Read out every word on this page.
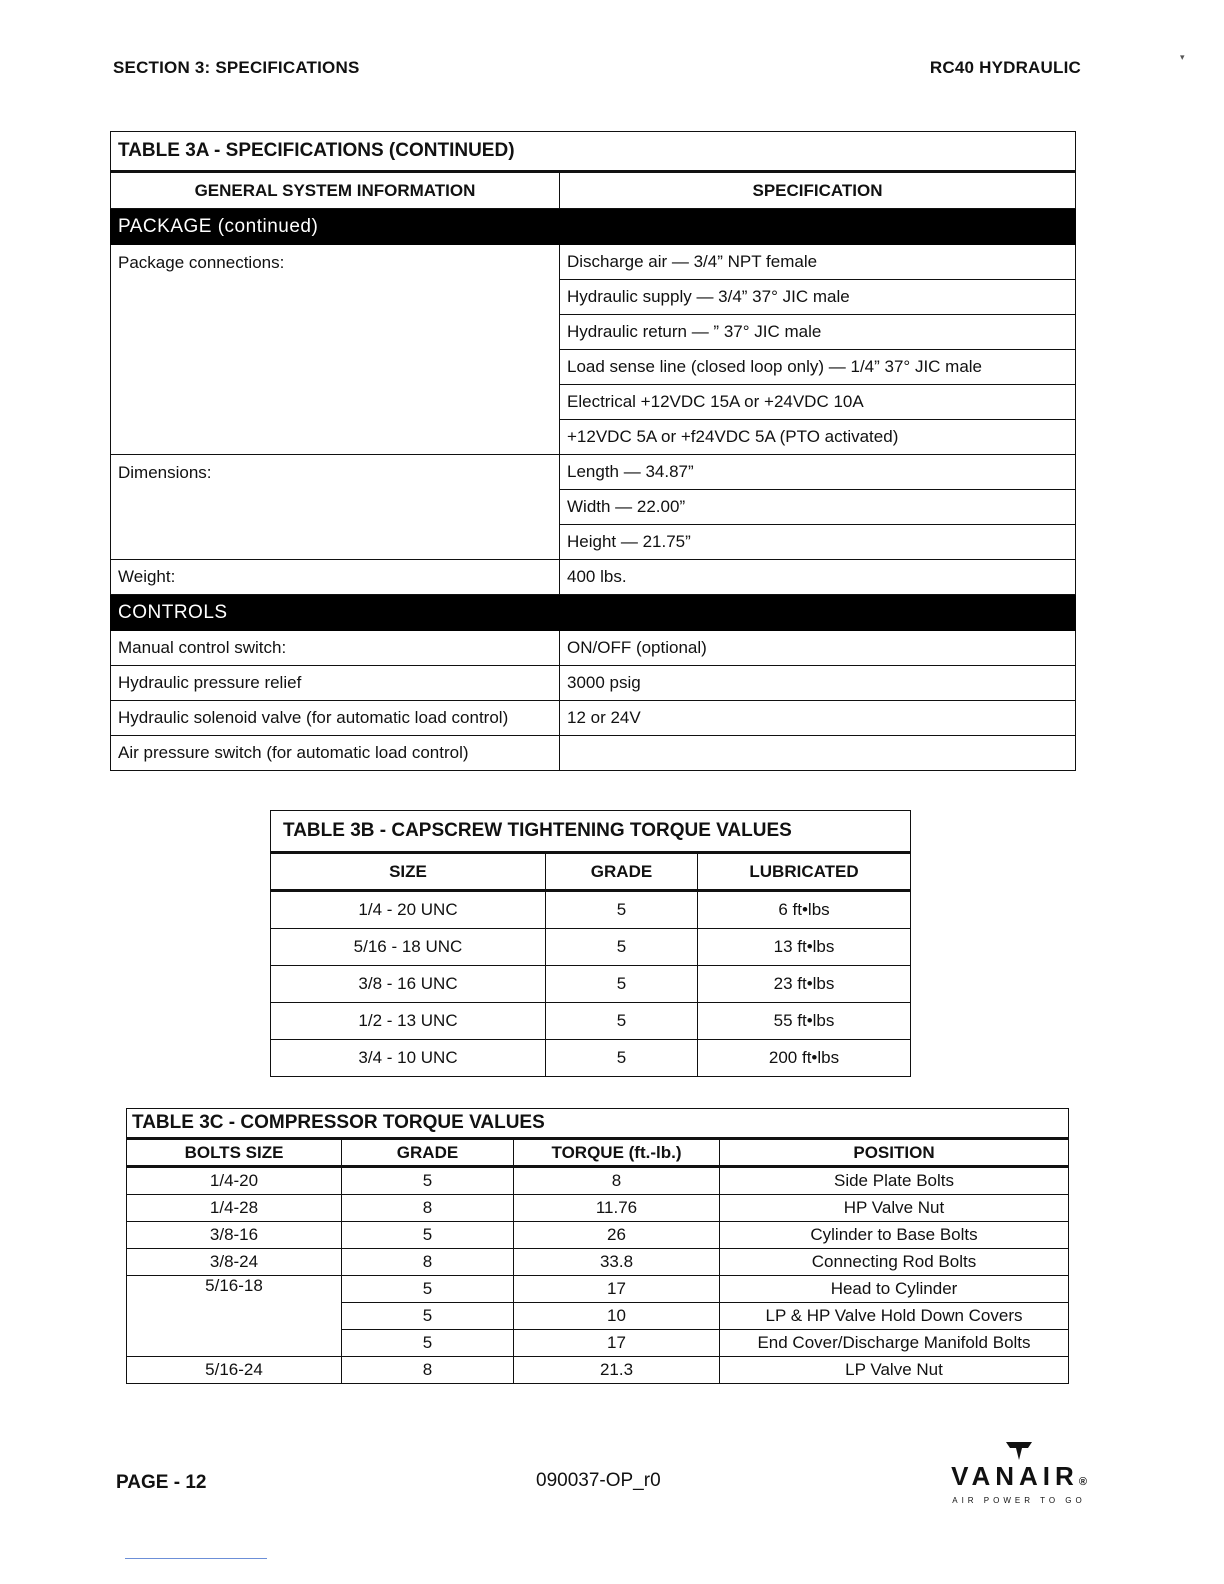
SECTION 3: SPECIFICATIONS	RC40 HYDRAULIC
▾
TABLE 3A - SPECIFICATIONS (CONTINUED)	
GENERAL SYSTEM INFORMATION	SPECIFICATION
PACKAGE (continued)	
Package connections:	Discharge air — 3/4” NPT female
	Hydraulic supply — 3/4” 37° JIC male
	Hydraulic return — ” 37° JIC male
	Load sense line (closed loop only) — 1/4” 37° JIC male
	Electrical +12VDC 15A or +24VDC 10A
	+12VDC 5A or +f24VDC 5A (PTO activated)
Dimensions:	Length — 34.87”
	Width — 22.00”
	Height — 21.75”
Weight:	400 lbs.
CONTROLS	
Manual control switch:	ON/OFF (optional)
Hydraulic pressure relief	3000 psig
Hydraulic solenoid valve (for automatic load control)	12 or 24V
Air pressure switch (for automatic load control)	
TABLE 3B - CAPSCREW TIGHTENING TORQUE VALUES		
SIZE	GRADE	LUBRICATED
1/4 - 20 UNC	5	6 ft•lbs
5/16 - 18 UNC	5	13 ft•lbs
3/8 - 16 UNC	5	23 ft•lbs
1/2 - 13 UNC	5	55 ft•lbs
3/4 - 10 UNC	5	200 ft•lbs
TABLE 3C - COMPRESSOR TORQUE VALUES			
BOLTS SIZE	GRADE	TORQUE (ft.-lb.)	POSITION
1/4-20	5	8	Side Plate Bolts
1/4-28	8	11.76	HP Valve Nut
3/8-16	5	26	Cylinder to Base Bolts
3/8-24	8	33.8	Connecting Rod Bolts
5/16-18	5	17	Head to Cylinder
	5	10	LP & HP Valve Hold Down Covers
	5	17	End Cover/Discharge Manifold Bolts
5/16-24	8	21.3	LP Valve Nut
PAGE - 12	090037-OP_r0	VANAIR®
AIR POWER TO GO
